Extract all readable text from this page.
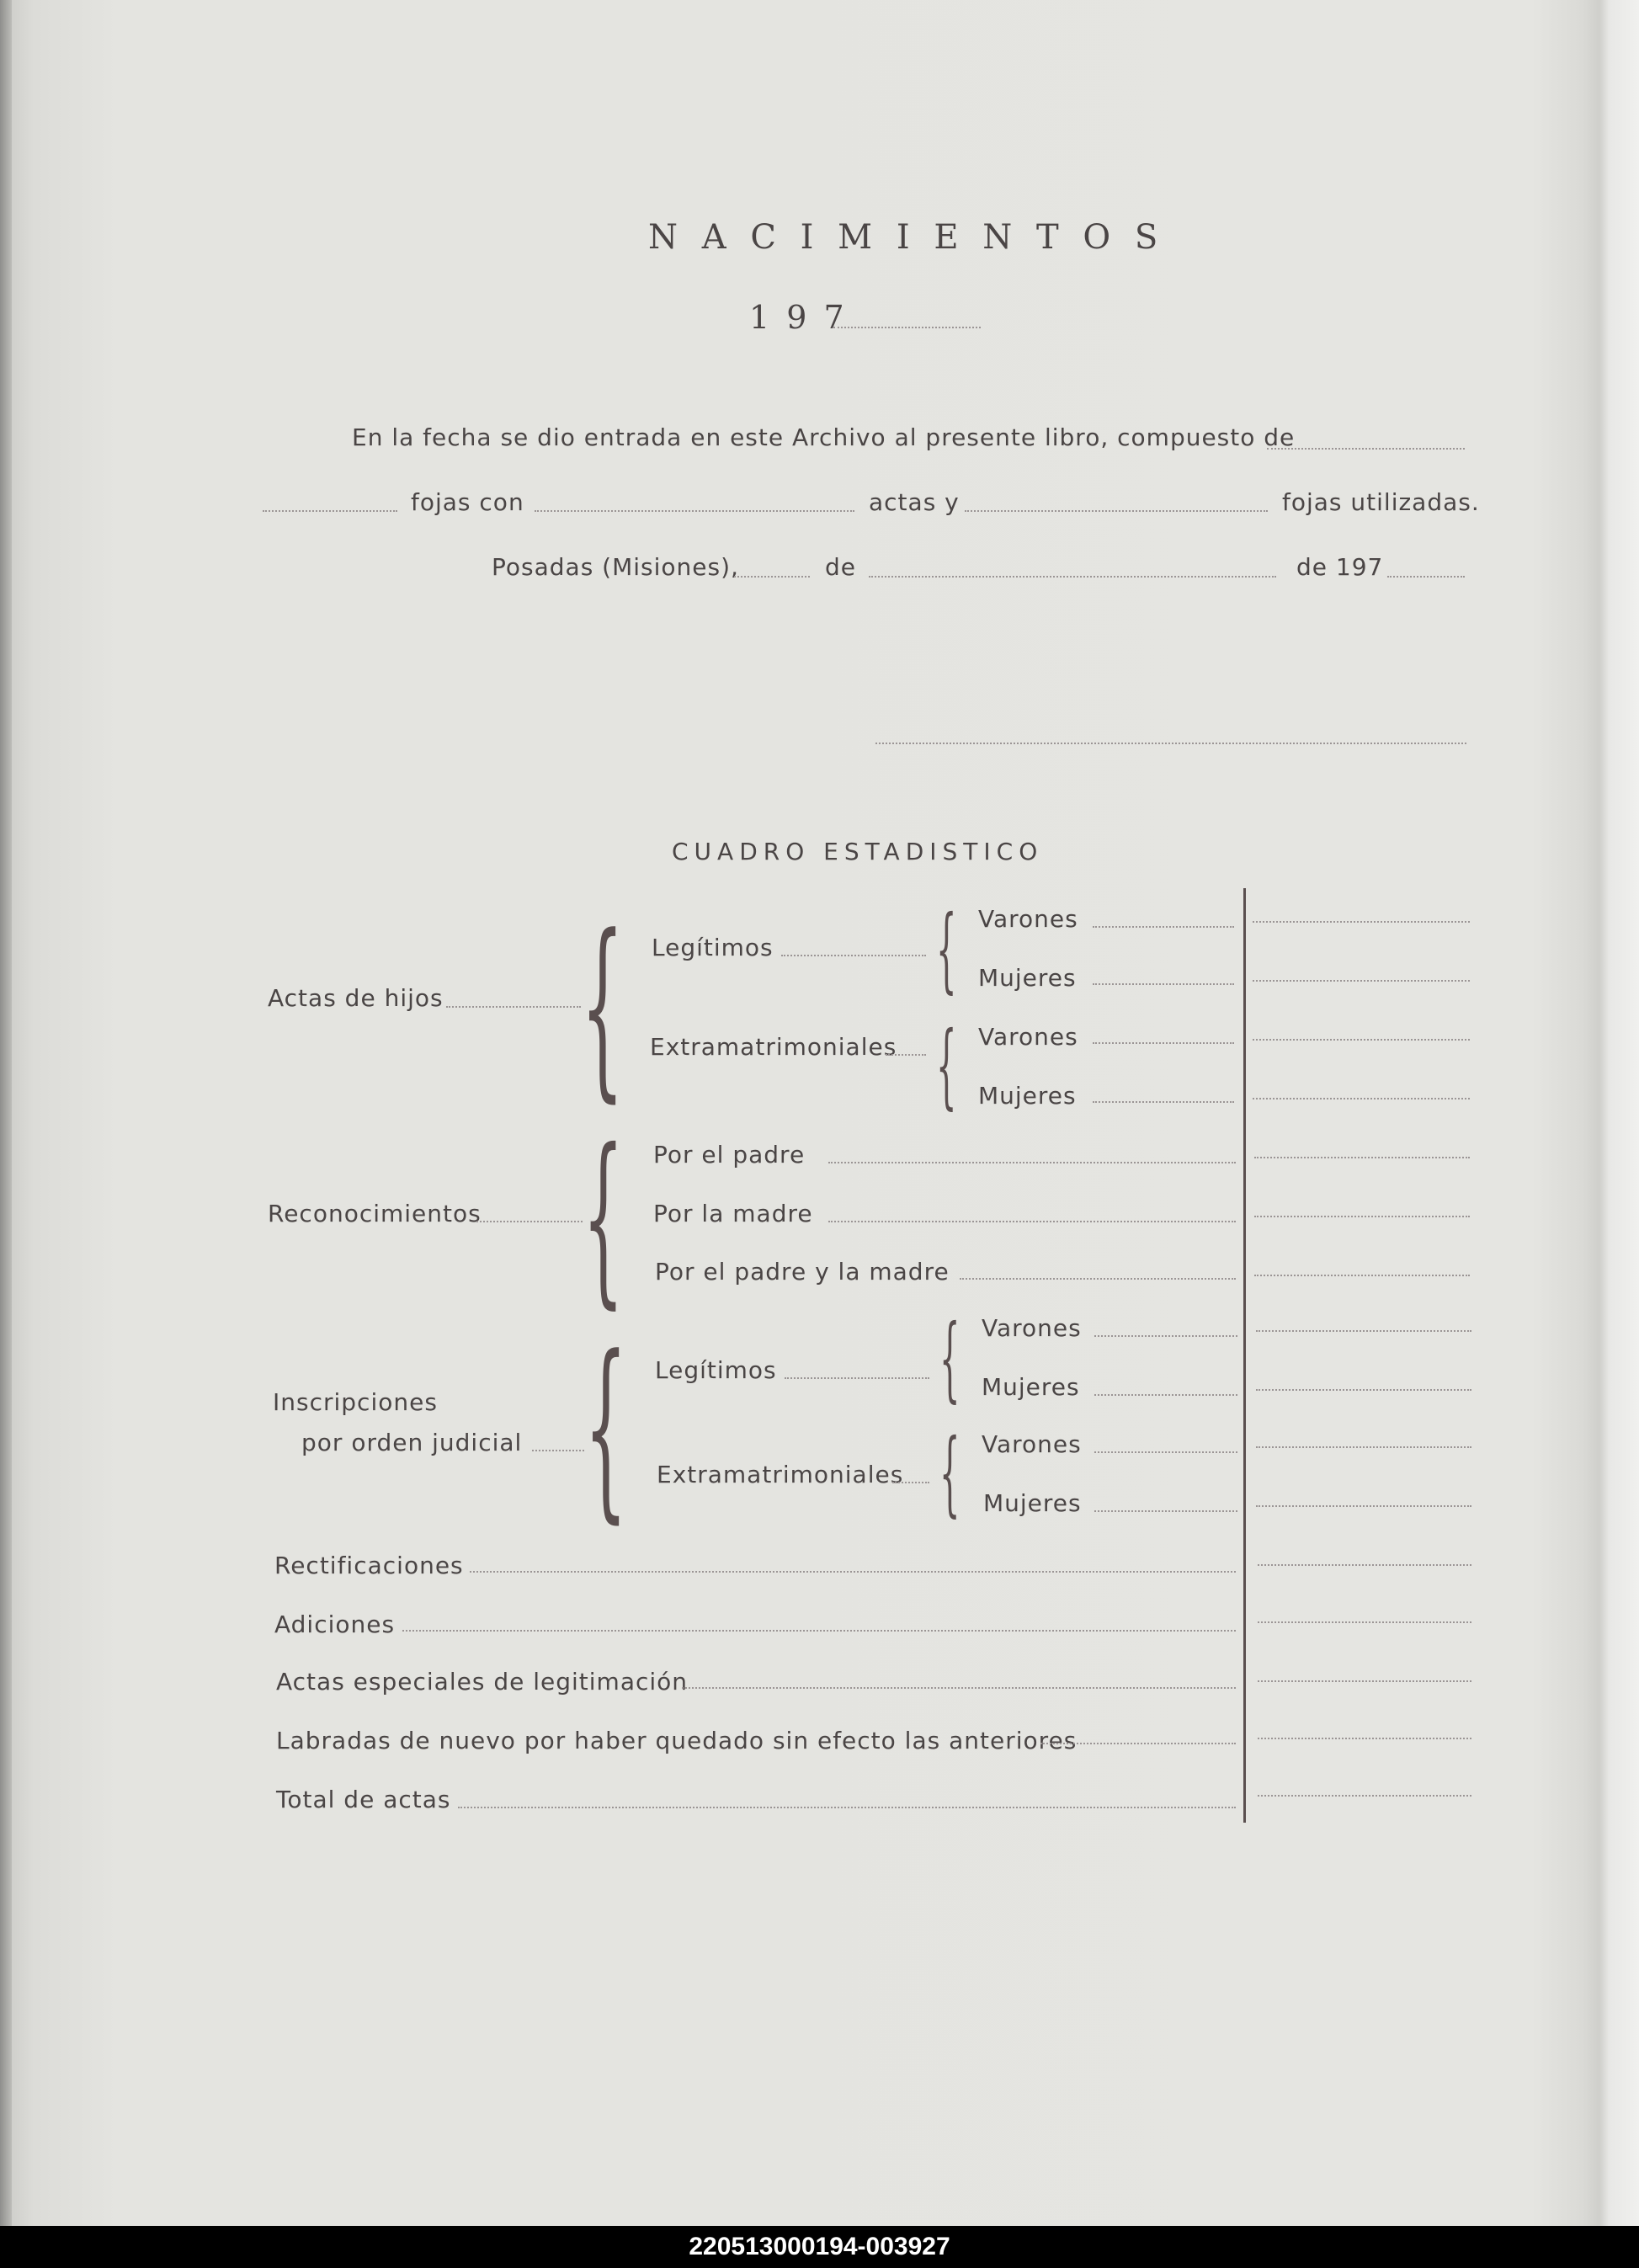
N A C I M I E N T O S
1 9 7
En la fecha se dio entrada en este Archivo al presente libro, compuesto de
fojas con	actas y	fojas utilizadas.
Posadas (Misiones),	de	de 197
CUADRO ESTADISTICO
Actas de hijos { Legítimos { Varones
Mujeres
Extramatrimoniales { Varones
Mujeres
Reconocimientos { Por el padre
Por la madre
Por el padre y la madre
Inscripciones
por orden judicial { Legítimos { Varones
Mujeres
Extramatrimoniales { Varones
Mujeres
Rectificaciones
Adiciones
Actas especiales de legitimación
Labradas de nuevo por haber quedado sin efecto las anteriores
Total de actas
220513000194-003927
